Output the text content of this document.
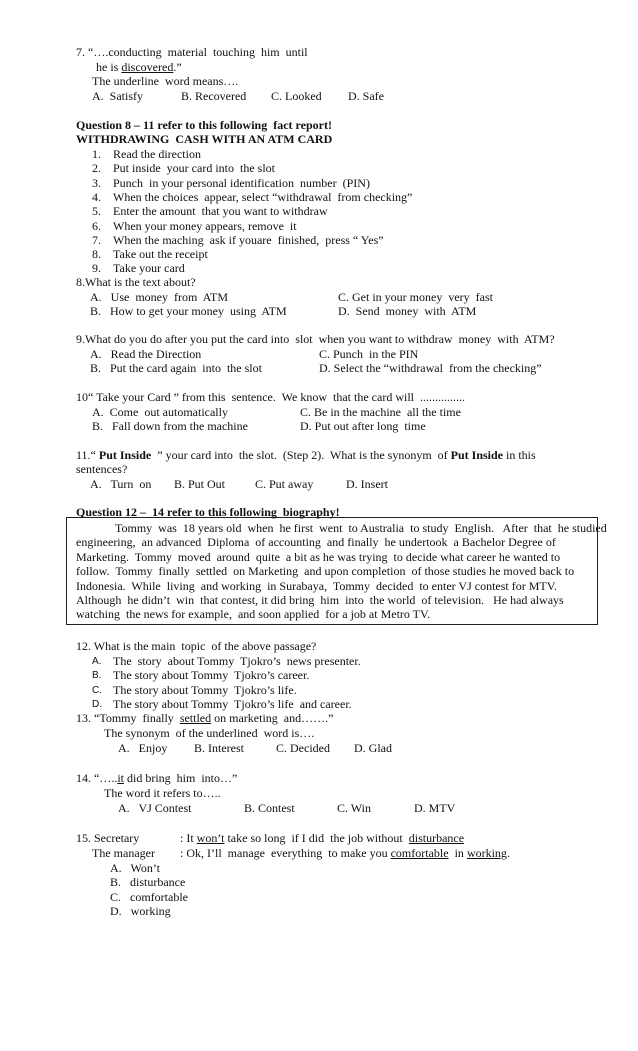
7. “….conducting  material  touching  him  until
he is discovered.”
The underline  word means….
A.  Satisfy	B. Recovered C. Looked D. Safe
Question 8 – 11 refer to this following  fact report!
WITHDRAWING  CASH WITH AN ATM CARD
1. Read the direction
2. Put inside  your card into  the slot
3. Punch  in your personal identification  number  (PIN)
4. When the choices  appear, select “withdrawal  from checking”
5. Enter the amount  that you want to withdraw
6. When your money appears, remove  it
7. When the maching  ask if youare  finished,  press “ Yes”
8. Take out the receipt
9. Take your card
8.What is the text about?
A.   Use  money  from  ATM	C. Get in your money  very  fast
B.   How to get your money  using  ATM	D.  Send  money  with  ATM
9.What do you do after you put the card into  slot  when you want to withdraw  money  with  ATM?
A.   Read the Direction	C. Punch  in the PIN
B.   Put the card again  into  the slot	D. Select the “withdrawal  from the checking”
10“ Take your Card ” from this  sentence.  We know  that the card will  ...............
A.  Come  out automatically	C. Be in the machine  all the time
B.   Fall down from the machine	D. Put out after long  time
11.“ Put Inside  ” your card into  the slot.  (Step 2).  What is the synonym  of Put Inside in this
sentences?
A.   Turn  on B. Put Out C. Put away	D. Insert
Question 12 –  14 refer to this following  biography!
Tommy  was  18 years old  when  he first  went  to Australia  to study  English.   After  that  he studied
engineering,  an advanced  Diploma  of accounting  and finally  he undertook  a Bachelor Degree of
Marketing.  Tommy  moved  around  quite  a bit as he was trying  to decide what career he wanted to
follow.  Tommy  finally  settled  on Marketing  and upon completion  of those studies he moved back to
Indonesia.  While  living  and working  in Surabaya,  Tommy  decided  to enter VJ contest for MTV.
Although  he didn’t  win  that contest, it did bring  him  into  the world  of television.   He had always
watching  the news for example,  and soon applied  for a job at Metro TV.
12. What is the main  topic  of the above passage?
A. The  story  about Tommy  Tjokro’s  news presenter.
B. The story about Tommy  Tjokro’s career.
C. The story about Tommy  Tjokro’s life.
D. The story about Tommy  Tjokro’s life  and career.
13. “Tommy  finally  settled on marketing  and…….”
The synonym  of the underlined  word is….
A.   Enjoy B. Interest	C. Decided D. Glad
14. “…..it did bring  him  into…”
The word it refers to…..
A.   VJ Contest	B. Contest	C. Win	D. MTV
15. Secretary	: It won’t take so long  if I did  the job without  disturbance
The manager : Ok, I’ll  manage  everything  to make you comfortable  in working.
A.   Won’t
B.   disturbance
C.   comfortable
D.   working
